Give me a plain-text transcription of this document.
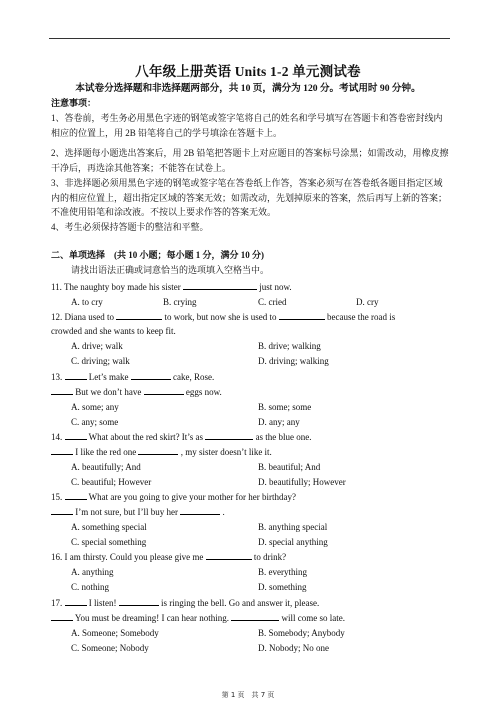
八年级上册英语 Units 1-2 单元测试卷
本试卷分选择题和非选择题两部分，共 10 页，满分为 120 分。考试用时 90 分钟。
注意事项：
1、答卷前，考生务必用黑色字迹的钢笔或签字笔将自己的姓名和学号填写在答题卡和答卷密封线内相应的位置上，用 2B 铅笔将自己的学号填涂在答题卡上。
2、选择题每小题选出答案后，用 2B 铅笔把答题卡上对应题目的答案标号涂黑；如需改动，用橡皮擦干净后，再选涂其他答案；不能答在试卷上。
3、非选择题必须用黑色字迹的钢笔或签字笔在答卷纸上作答，答案必须写在答卷纸各题目指定区域内的相应位置上，超出指定区域的答案无效；如需改动，先划掉原来的答案，然后再写上新的答案；不准使用铅笔和涂改液。不按以上要求作答的答案无效。
4、考生必须保持答题卡的整洁和平整。
二、单项选择　(共 10 小题；每小题 1 分，满分 10 分)
请找出语法正确或词意恰当的选项填入空格当中。
11. The naughty boy made his sister	just now.
A. to cry	B. crying	C. cried	D. cry
12. Diana used to	to work, but now she is used to	because the road is
crowded and she wants to keep fit.
A. drive; walk	B. drive; walking
C. driving; walk	D. driving; walking
13.	Let’s make	cake, Rose.
But we don’t have	eggs now.
A. some; any	B. some; some
C. any; some	D. any; any
14.	What about the red skirt? It’s as	as the blue one.
I like the red one	, my sister doesn’t like it.
A. beautifully; And	B. beautiful; And
C. beautiful; However	D. beautifully; However
15.	What are you going to give your mother for her birthday?
I’m not sure, but I’ll buy her	.
A. something special	B. anything special
C. special something	D. special anything
16. I am thirsty. Could you please give me	to drink?
A. anything	B. everything
C. nothing	D. something
17.	I listen!	is ringing the bell. Go and answer it, please.
You must be dreaming! I can hear nothing.	will come so late.
A. Someone; Somebody	B. Somebody; Anybody
C. Someone; Nobody	D. Nobody; No one
第 1 页　共 7 页
